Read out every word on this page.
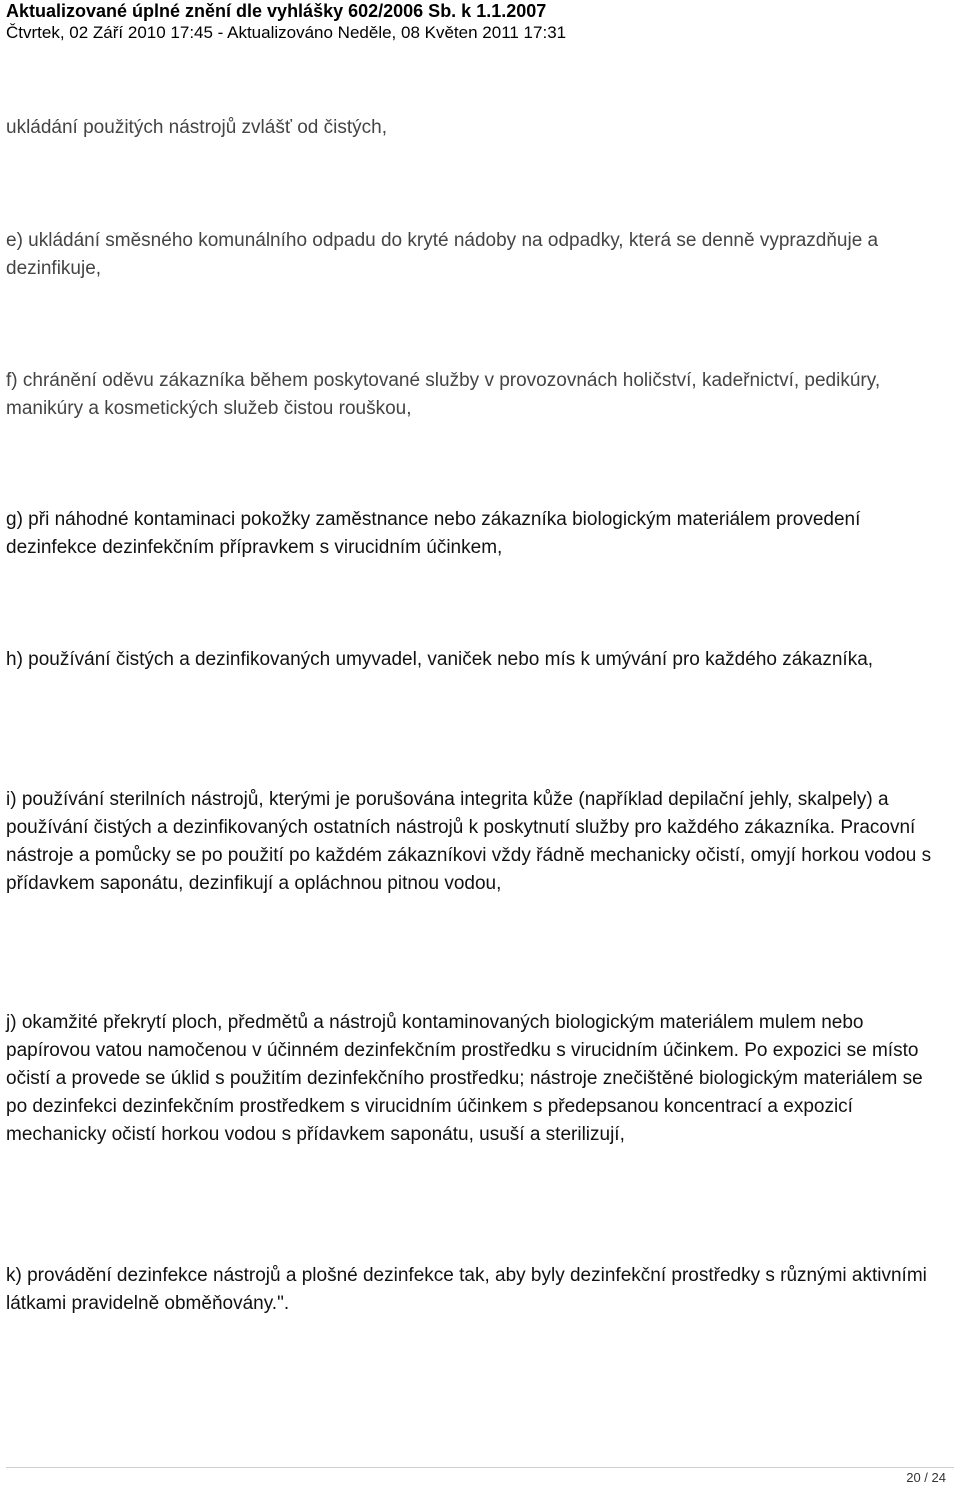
Aktualizované úplné znění dle vyhlášky 602/2006 Sb. k 1.1.2007
Čtvrtek, 02 Září 2010 17:45 - Aktualizováno Neděle, 08 Květen 2011 17:31

ukládání použitých nástrojů zvlášť od čistých,

e) ukládání směsného komunálního odpadu do kryté nádoby na odpadky, která se denně vyprazdňuje a dezinfikuje,

f) chránění oděvu zákazníka během poskytované služby v provozovnách holičství, kadeřnictví, pedikúry, manikúry a kosmetických služeb čistou rouškou,

g) při náhodné kontaminaci pokožky zaměstnance nebo zákazníka biologickým materiálem provedení dezinfekce dezinfekčním přípravkem s virucidním účinkem,

h) používání čistých a dezinfikovaných umyvadel, vaniček nebo mís k umývání pro každého zákazníka,

i) používání sterilních nástrojů, kterými je porušována integrita kůže (například depilační jehly, skalpely) a používání čistých a dezinfikovaných ostatních nástrojů k poskytnutí služby pro každého zákazníka. Pracovní nástroje a pomůcky se po použití po každém zákazníkovi vždy řádně mechanicky očistí, omyjí horkou vodou s přídavkem saponátu, dezinfikují a opláchnou pitnou vodou,

j) okamžité překrytí ploch, předmětů a nástrojů kontaminovaných biologickým materiálem mulem nebo papírovou vatou namočenou v účinném dezinfekčním prostředku s virucidním účinkem. Po expozici se místo očistí a provede se úklid s použitím dezinfekčního prostředku; nástroje znečištěné biologickým materiálem se po dezinfekci dezinfekčním prostředkem s virucidním účinkem s předepsanou koncentrací a expozicí mechanicky očistí horkou vodou s přídavkem saponátu, usuší a sterilizují,

k) provádění dezinfekce nástrojů a plošné dezinfekce tak, aby byly dezinfekční prostředky s různými aktivními látkami pravidelně obměňovány.".

20 / 24
